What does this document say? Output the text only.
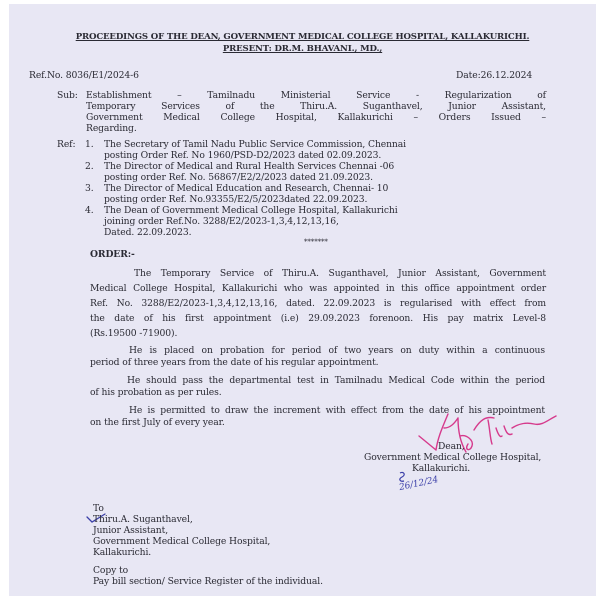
PROCEEDINGS OF THE DEAN, GOVERNMENT MEDICAL COLLEGE HOSPITAL, KALLAKURICHI.
PRESENT: DR.M. BHAVANI., MD.,
Ref.No. 8036/E1/2024-6	Date:26.12.2024
Sub: Establishment – Tamilnadu Ministerial Service - Regularization of
Temporary Services of the Thiru.A. Suganthavel, Junior Assistant,
Government Medical College Hospital, Kallakurichi – Orders Issued –
Regarding.
Ref: 1. The Secretary of Tamil Nadu Public Service Commission, Chennai
posting Order Ref. No 1960/PSD-D2/2023 dated 02.09.2023.
2. The Director of Medical and Rural Health Services Chennai -06
posting order Ref. No. 56867/E2/2/2023 dated 21.09.2023.
3. The Director of Medical Education and Research, Chennai- 10
posting order Ref. No.93355/E2/5/2023dated 22.09.2023.
4. The Dean of Government Medical College Hospital, Kallakurichi
joining order Ref.No. 3288/E2/2023-1,3,4,12,13,16,
Dated. 22.09.2023.
*******
ORDER:-
The Temporary Service of Thiru.A. Suganthavel, Junior Assistant, Government
Medical College Hospital, Kallakurichi who was appointed in this office appointment order
Ref. No. 3288/E2/2023-1,3,4,12,13,16, dated. 22.09.2023 is regularised with effect from
the date of his first appointment (i.e) 29.09.2023 forenoon. His pay matrix Level-8
(Rs.19500 -71900).
He is placed on probation for period of two years on duty within a continuous
period of three years from the date of his regular appointment.
He should pass the departmental test in Tamilnadu Medical Code within the period
of his probation as per rules.
He is permitted to draw the increment with effect from the date of his appointment
on the first July of every year.
Dean,
Government Medical College Hospital,
Kallakurichi.
26/12/24
To
Thiru.A. Suganthavel,
Junior Assistant,
Government Medical College Hospital,
Kallakurichi.
Copy to
Pay bill section/ Service Register of the individual.
